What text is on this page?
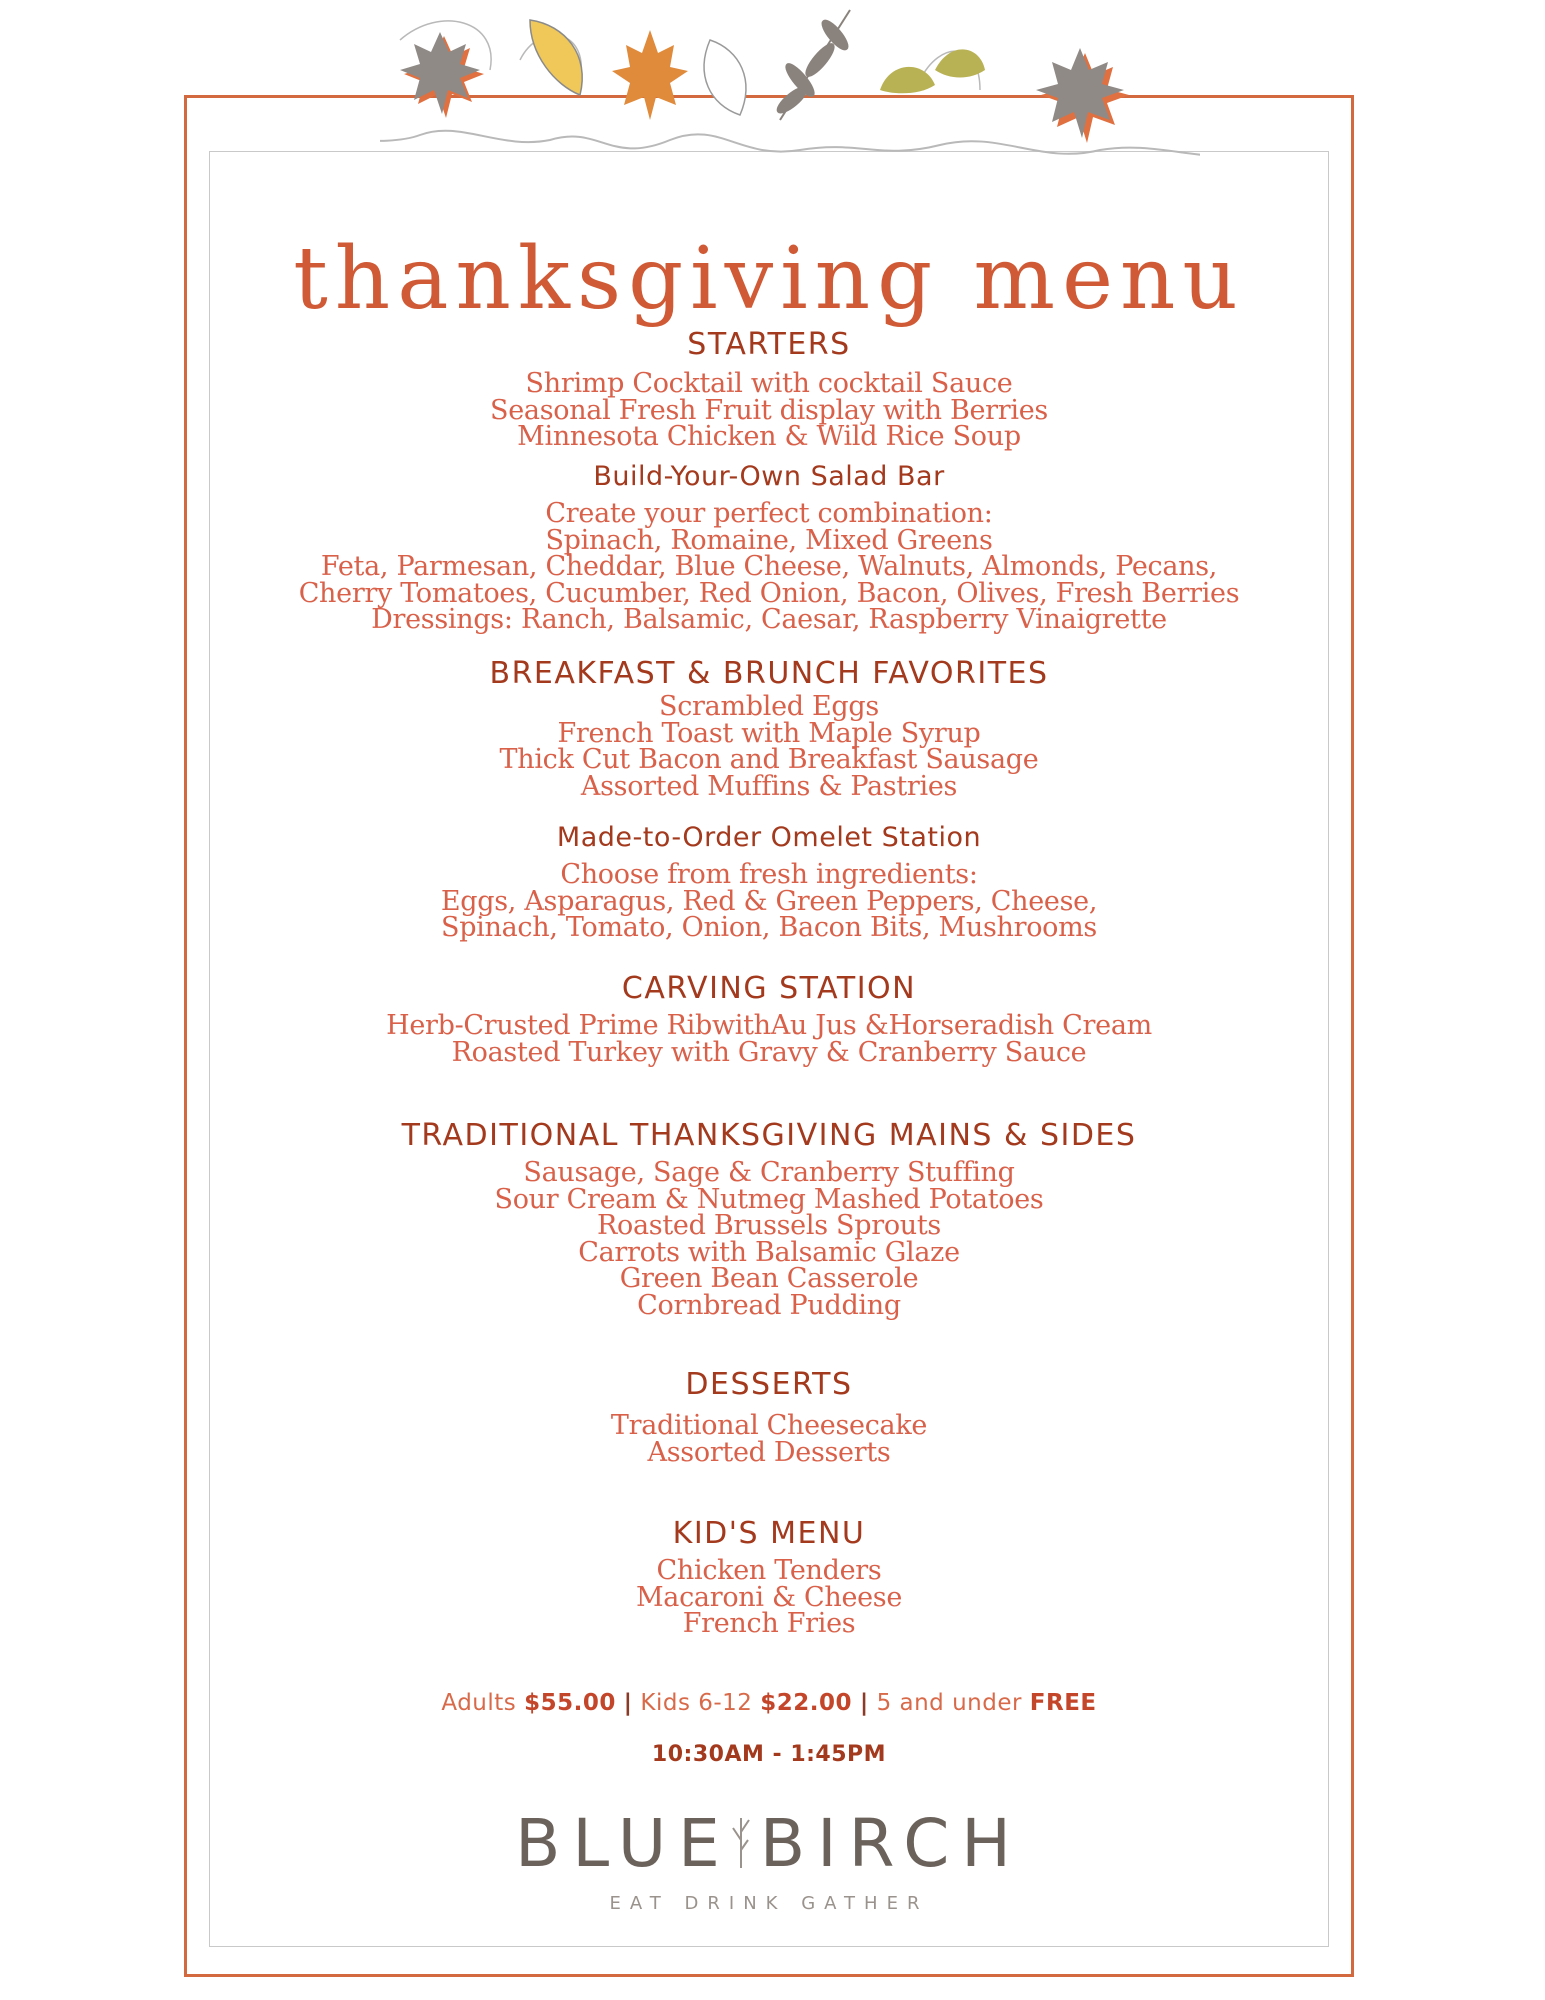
thanksgiving menu
STARTERS
Shrimp Cocktail with cocktail Sauce
Seasonal Fresh Fruit display with Berries
Minnesota Chicken & Wild Rice Soup
Build-Your-Own Salad Bar
Create your perfect combination:
Spinach, Romaine, Mixed Greens
Feta, Parmesan, Cheddar, Blue Cheese, Walnuts, Almonds, Pecans,
Cherry Tomatoes, Cucumber, Red Onion, Bacon, Olives, Fresh Berries
Dressings: Ranch, Balsamic, Caesar, Raspberry Vinaigrette
BREAKFAST & BRUNCH FAVORITES
Scrambled Eggs
French Toast with Maple Syrup
Thick Cut Bacon and Breakfast Sausage
Assorted Muffins & Pastries
Made-to-Order Omelet Station
Choose from fresh ingredients:
Eggs, Asparagus, Red & Green Peppers, Cheese,
Spinach, Tomato, Onion, Bacon Bits, Mushrooms
CARVING STATION
Herb-Crusted Prime RibwithAu Jus &Horseradish Cream
Roasted Turkey with Gravy & Cranberry Sauce
TRADITIONAL THANKSGIVING MAINS & SIDES
Sausage, Sage & Cranberry Stuffing
Sour Cream & Nutmeg Mashed Potatoes
Roasted Brussels Sprouts
Carrots with Balsamic Glaze
Green Bean Casserole
Cornbread Pudding
DESSERTS
Traditional Cheesecake
Assorted Desserts
KID'S MENU
Chicken Tenders
Macaroni & Cheese
French Fries
Adults $55.00 | Kids 6-12 $22.00 | 5 and under FREE
10:30AM - 1:45PM
BLUE BIRCH
EAT DRINK GATHER
